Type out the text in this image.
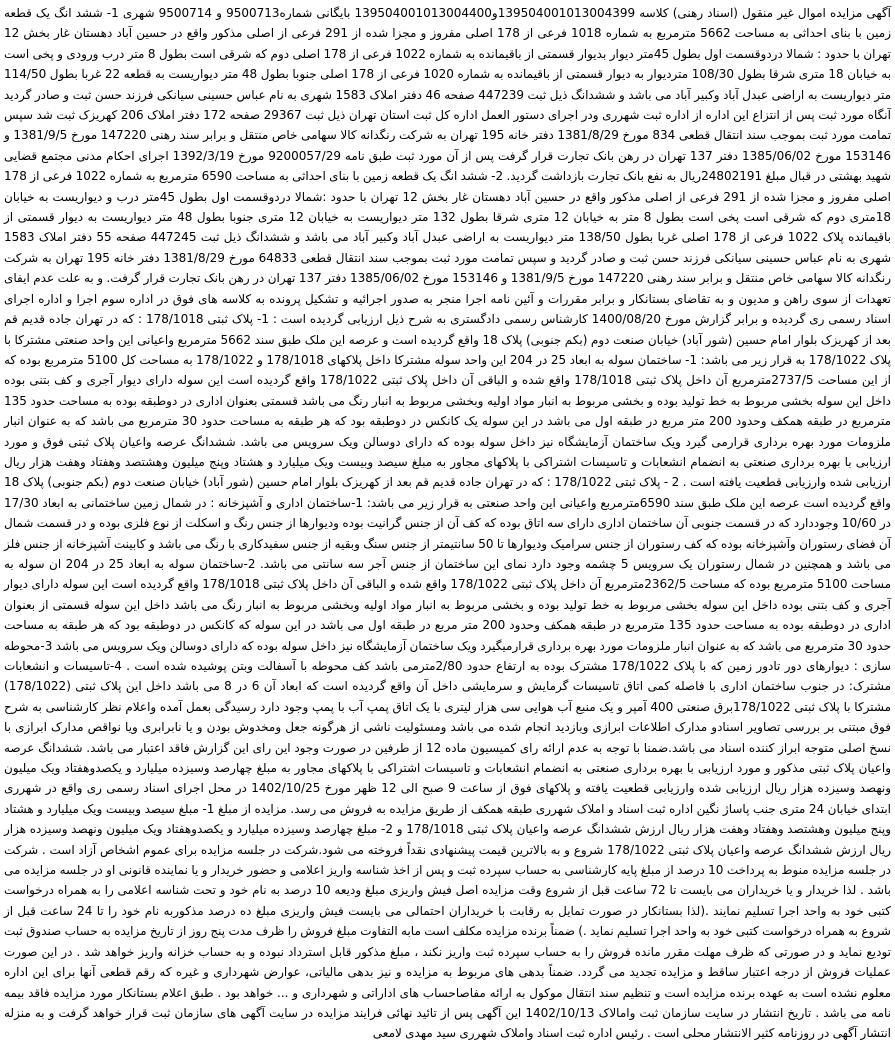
آگهی مزایده اموال غیر منقول (اسناد رهنی) کلاسه 139504001013004399و139504001013004400 بایگانی شماره9500713 و 9500714 شهری 1- ششد انگ یک قطعه زمین با بنای احداثی به مساحت 5662 مترمربع به شماره 1018 فرعی از 178 اصلی مفروز و مجزا شده از 291 فرعی از اصلی مذکور واقع در حسین آباد دهستان غار بخش 12 تهران با حدود : شمالا دردوقسمت اول بطول 45متر دیوار بدیوار قسمتی از باقیمانده به شماره 1022 فرعی از 178 اصلی دوم که شرقی است بطول 8 متر درب ورودی و پخی است به خیابان 18 متری شرقا بطول 108/30 متردیوار به دیوار قسمتی از باقیمانده به شماره 1020 فرعی از 178 اصلی جنوبا بطول 48 متر دیواریست به قطعه 22 غربا بطول 114/50 متر دیواریست به اراضی عبدل آباد وکبیر آباد می باشد و ششدانگ ذیل ثبت 447239 صفحه 46 دفتر املاک 1583 شهری به نام عباس حسینی سیانکی فرزند حسن ثبت و صادر گردید آنگاه مورد ثبت پس از انتزاع این اداره از اداره ثبت شهرری ودر اجرای دستور العمل اداره کل ثبت استان تهران ذیل ثبت 29367 صفحه 172 دفتر املاک 206 کهریزک ثبت شد سپس تمامت مورد ثبت بموجب سند انتقال قطعی 834 مورخ 1381/8/29 دفتر خانه 195 تهران به شرکت رنگدانه کالا سهامی خاص منتقل و برابر سند رهنی 147220 مورخ 1381/9/5 و 153146 مورخ 1385/06/02 دفتر 137 تهران در رهن بانک تجارت قرار گرفت پس از آن مورد ثبت طبق نامه 9200057/29 مورخ 1392/3/19 اجرای احکام مدنی مجتمع قضایی شهید بهشتی در قبال مبلغ 24802191ریال به نفع بانک تجارت بازداشت گردید. 2- ششد انگ یک قطعه زمین با بنای احداثی به مساحت 6590 مترمربع به شماره 1022 فرعی از 178 اصلی مفروز و مجزا شده از 291 فرعی از اصلی مذکور واقع در حسین آباد دهستان غار بخش 12 تهران با حدود :شمالا دردوقسمت اول بطول 45متر درب و دیواریست به خیابان 18متری دوم که شرقی است پخی است بطول 8 متر به خیابان 12 متری شرقا بطول 132 متر دیواریست به خیابان 12 متری جنوبا بطول 48 متر دیواریست به دیوار قسمتی از باقیمانده پلاک 1022 فرعی از 178 اصلی غربا بطول 138/50 متر دیواریست به اراضی عبدل آباد وکبیر آباد می باشد و ششدانگ ذیل ثبت 447245 صفحه 55 دفتر املاک 1583 شهری به نام عباس حسینی سیانکی فرزند حسن ثبت و صادر گردید و سپس تمامت مورد ثبت بموجب سند انتقال قطعی 64833 مورخ 1381/8/29 دفتر خانه 195 تهران به شرکت رنگدانه کالا سهامی خاص منتقل و برابر سند رهنی 147220 مورخ 1381/9/5 و 153146 مورخ 1385/06/02 دفتر 137 تهران در رهن بانک تجارت قرار گرفت. و به علت عدم ایفای تعهدات از سوی راهن و مدیون و به تقاضای بستانکار و برابر مقررات و آئین نامه اجرا منجر به صدور اجرائیه و تشکیل پرونده به کلاسه های فوق در اداره سوم اجرا و اداره اجرای اسناد رسمی ری گردیده و برابر گزارش مورخ 1400/08/20 کارشناس رسمی دادگستری به شرح ذیل ارزیابی گردیده است : 1- پلاک ثبتی 178/1018 : که در تهران جاده قدیم قم بعد از کهریزک بلوار امام حسین (شور آباد) خیابان صنعت دوم (بکم جنوبی) پلاک 18 واقع گردیده است و عرصه این ملک طبق سند 5662 مترمربع واعیانی این واحد صنعتی مشترکا با پلاک 178/1022 به قرار زیر می باشد: 1- ساختمان سوله به ابعاد 25 در 204 این واحد سوله مشترکا داخل پلاکهای 178/1018 و 178/1022 به مساحت کل 5100 مترمربع بوده که از این مساحت 2737/5مترمربع آن داخل پلاک ثبتی 178/1018 واقع شده و الباقی آن داخل پلاک ثبتی 178/1022 واقع گردیده است این سوله دارای دیوار آجری و کف بتنی بوده داخل این سوله بخشی مربوط به خط تولید بوده و بخشی مربوط به انبار مواد اولیه وبخشی مربوط به انبار رنگ می باشد قسمتی بعنوان اداری در دوطبقه بوده به مساحت حدود 135 مترمربع در طبقه همکف وحدود 200 متر مربع در طبقه اول می باشد در این سوله یک کانکس در دوطبقه بود که هر طبقه به مساحت حدود 30 مترمربع می باشد که به عنوان انبار ملزومات مورد بهره برداری قرارمی گیرد ویک ساختمان آزمایشگاه نیز داخل سوله بوده که دارای دوسالن ویک سرویس می باشد. ششدانگ عرصه واعیان پلاک ثبتی فوق و مورد ارزیابی با بهره برداری صنعتی به انضمام انشعابات و تاسیسات اشتراکی با پلاکهای مجاور به مبلغ سیصد وبیست ویک میلیارد و هشتاد وپنج میلیون وهشتصد وهفتاد وهفت هزار ریال ارزیابی شده وارزیابی قطعیت یافته است . 2 - پلاک ثبتی 178/1022 : که در تهران جاده قدیم قم بعد از کهریزک بلوار امام حسین (شور آباد) خیابان صنعت دوم (بکم جنوبی) پلاک 18 واقع گردیده است عرصه این ملک طبق سند 6590مترمربع واعیانی این واحد صنعتی به قرار زیر می باشد: 1-ساختمان اداری و آشپزخانه : در شمال زمین ساختمانی به ابعاد 17/30 در 10/60 وجوددارد که در قسمت جنوبی آن ساختمان اداری دارای سه اتاق بوده که کف آن از جنس گرانیت بوده ودیوارها از جنس رنگ و اسکلت از نوع فلزی بوده و در قسمت شمال آن فضای رستوران وآشپزخانه بوده که کف رستوران از جنس سرامیک ودیوارها تا 50 سانتیمتر از جنس سنگ وبقیه از جنس سفیدکاری با رنگ می باشد و کابینت آشپزخانه از جنس فلز می باشد و همچنین در شمال رستوران یک سرویس 5 چشمه وجود دارد نمای این ساختمان از جنس آجر سه سانتی می باشد. 2-ساختمان سوله به ابعاد 25 در 204 ان سوله به مساحت 5100 مترمربع بوده که مساحت 2362/5مترمربع آن داخل پلاک ثبتی 178/1022 واقع شده و الباقی آن داخل پلاک ثبتی 178/1018 واقع گردیده است این سوله دارای دیوار آجری و کف بتنی بوده داخل این سوله بخشی مربوط به خط تولید بوده و بخشی مربوط به انبار مواد اولیه وبخشی مربوط به انبار رنگ می باشد داخل این سوله قسمتی از بعنوان اداری در دوطبقه بوده به مساحت حدود 135 مترمربع در طبقه همکف وحدود 200 متر مربع در طبقه اول می باشد در این سوله که کانکس در دوطبقه بود که هر طبقه به مساحت حدود 30 مترمربع می باشد که به عنوان انبار ملزومات مورد بهره برداری قرارمیگیرد ویک ساختمان آزمایشگاه نیز داخل سوله بوده که دارای دوسالن ویک سرویس می باشد 3-محوطه سازی : دیوارهای دور تادور زمین که با پلاک 178/1022 مشترک بوده به ارتفاع حدود 2/80مترمی باشد کف محوطه با آسفالت وبتن پوشیده شده است . 4-تاسیسات و انشعابات مشترک: در جنوب ساختمان اداری با فاصله کمی اتاق تاسیسات گرمایش و سرمایشی داخل آن واقع گردیده است که ابعاد آن 6 در 8 می باشد داخل این پلاک ثبتی (178/1022) مشترکا با پلاک ثبتی 178/1022برق صنعتی 400 آمپر و یک منبع آب هوایی سی هزار لیتری با یک اتاق پمپ آب با پمپ وجود دارد رسیدگی بعمل آمده واعلام نظر کارشناسی به شرح فوق مبتنی بر بررسی تصاویر اسنادو مدارک اطلاعات ابرازی وبازدید انجام شده می باشد ومسئولیت ناشی از هرگونه جعل ومخدوش بودن و یا نابرابری ویا نواقص مدارک ابرازی با نسخ اصلی متوجه ابراز کننده اسناد می باشد.ضمنا با توجه به عدم ارائه رای کمیسیون ماده 12 از طرفین در صورت وجود این رای این گزارش فاقد اعتبار می باشد. ششدانگ عرصه واعیان پلاک ثبتی مذکور و مورد ارزیابی با بهره برداری صنعتی به انضمام انشعابات و تاسیسات اشتراکی با پلاکهای مجاور به مبلغ چهارصد وسیزده میلیارد و یکصدوهفتاد ویک میلیون ونهصد وسیزده هزار ریال ارزیابی شده وارزیابی قطعیت یافته و پلاکهای فوق از ساعت 9 صبح الی 12 ظهر مورخ 1402/10/25 در محل اجرای اسناد رسمی ری واقع در شهرری ابتدای خیابان 24 متری جنب پاساژ نگین اداره ثبت اسناد و املاک شهرری طبقه همکف از طریق مزایده به فروش می رسد. مزایده از مبلغ 1- مبلغ سیصد وبیست ویک میلیارد و هشتاد وپنج میلیون وهشتصد وهفتاد وهفت هزار ریال ارزش ششدانگ عرصه واعیان پلاک ثبتی 178/1018 و 2- مبلغ چهارصد وسیزده میلیارد و یکصدوهفتاد ویک میلیون ونهصد وسیزده هزار ریال ارزش ششدانگ عرصه واعیان پلاک ثبتی 178/1022 شروع و به بالاترین قیمت پیشنهادی نقداً فروخته می شود.شرکت در جلسه مزایده برای عموم اشخاص آزاد است . شرکت در جلسه مزایده منوط به پرداخت 10 درصد از مبلغ پایه کارشناسی به حساب سپرده ثبت و پس از اخذ شناسه واریز اعلامی و حضور خریدار و یا نماینده قانونی او در جلسه مزایده می باشد . لذا خریدار و یا خریداران می بایست تا 72 ساعت قبل از شروع وقت مزایده اصل فیش واریزی مبلغ ودیعه 10 درصد به نام خود و تحت شناسه اعلامی را به همراه درخواست کتبی خود به واحد اجرا تسلیم نمایند .(لذا بستانکار در صورت تمایل به رقابت با خریداران احتمالی می بایست فیش واریزی مبلغ ده درصد مذکوربه نام خود را تا 24 ساعت قبل از شروع به همراه درخواست کتبی خود به واحد اجرا تسلیم نماید .) ضمناً برنده مزایده مکلف است مابه التفاوت مبلغ فروش را ظرف مدت پنج روز از تاریخ مزایده به حساب صندوق ثبت تودیع نماید و در صورتی که ظرف مهلت مقرر مانده فروش را به حساب سپرده ثبت واریز نکند ، مبلغ مذکور قابل استرداد نبوده و به حساب خزانه واریز خواهد شد . در این صورت عملیات فروش از درجه اعتبار ساقط و مزایده تجدید می گردد. ضمناً بدهی های مربوط به مزایده و نیز بدهی مالیاتی، عوارض شهرداری و غیره که رقم قطعی آنها برای این اداره معلوم نشده است به عهده برنده مزایده است و تنظیم سند انتقال موکول به ارائه مفاصاحساب های اداراتی و شهرداری و ... خواهد بود . طبق اعلام بستانکار مورد مزایده فاقد بیمه نامه می باشد . تاریخ انتشار در سایت سازمان ثبت وامالاک 1402/10/13 این آگهی پس از تائید نهائی فرایند مزایده در سایت آگهی های سازمان ثبت قرار خواهد گرفت و به منزله انتشار آگهی در روزنامه کثیر الانتشار محلی است . رئیس اداره ثبت اسناد واملاک شهرری سید مهدی لامعی
